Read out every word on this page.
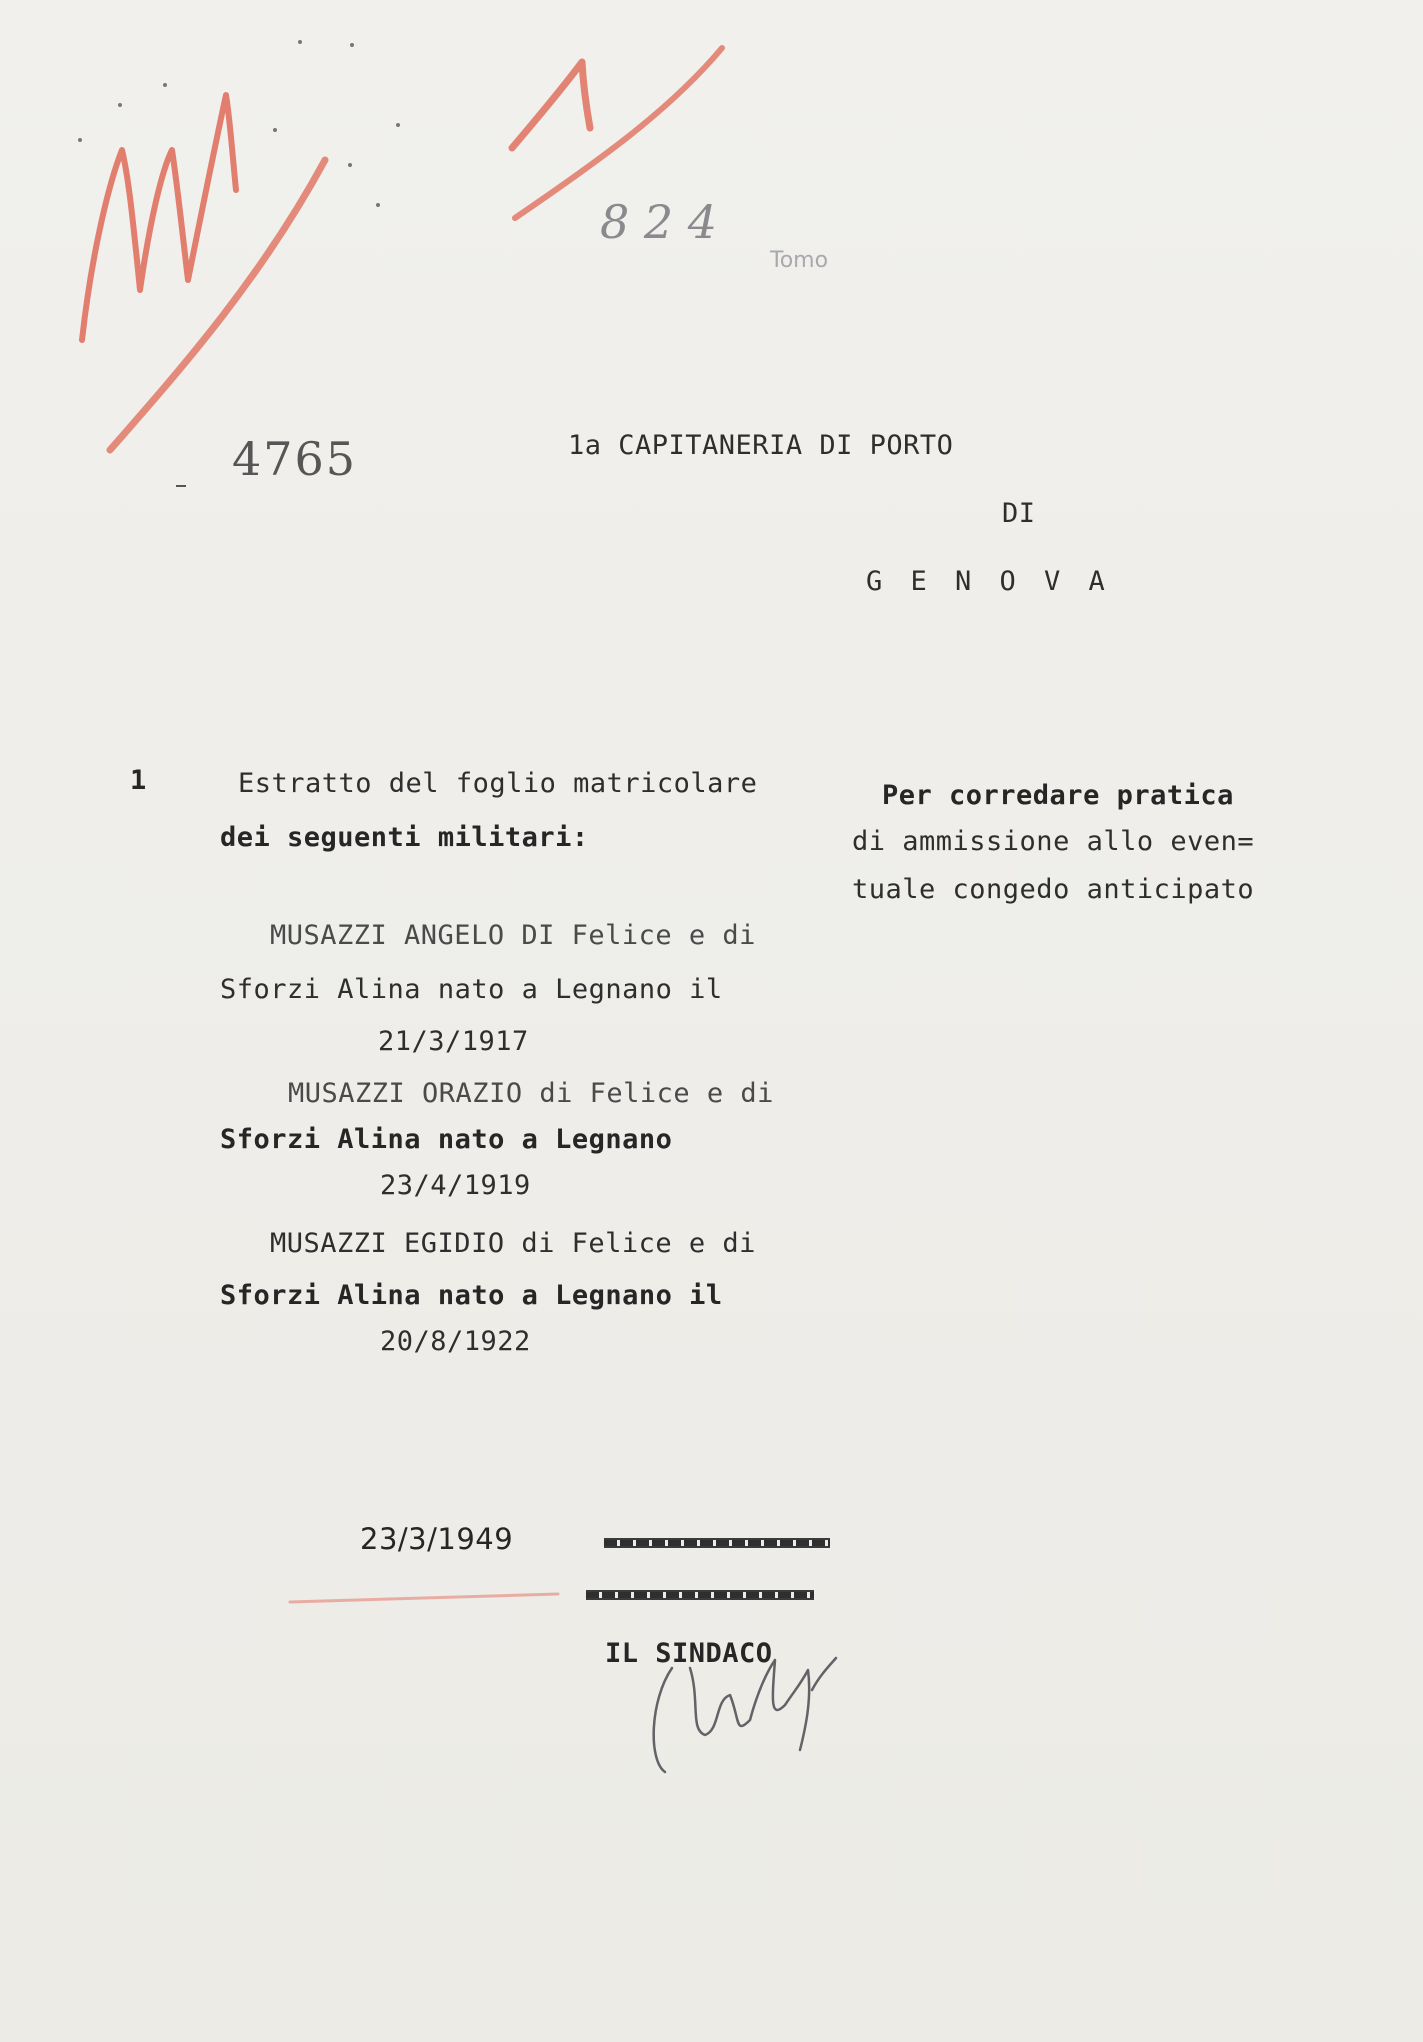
8 2 4
Tomo
4765	1a CAPITANERIA DI PORTO
DI
G E N O V A
1	Estratto del foglio matricolare
dei seguenti militari:
Per corredare pratica
di ammissione allo even=
tuale congedo anticipato
MUSAZZI ANGELO DI Felice e di
Sforzi Alina nato a Legnano il
21/3/1917
MUSAZZI ORAZIO di Felice e di
Sforzi Alina nato a Legnano
23/4/1919
MUSAZZI EGIDIO di Felice e di
Sforzi Alina nato a Legnano il
20/8/1922
23/3/1949
IL SINDACO
